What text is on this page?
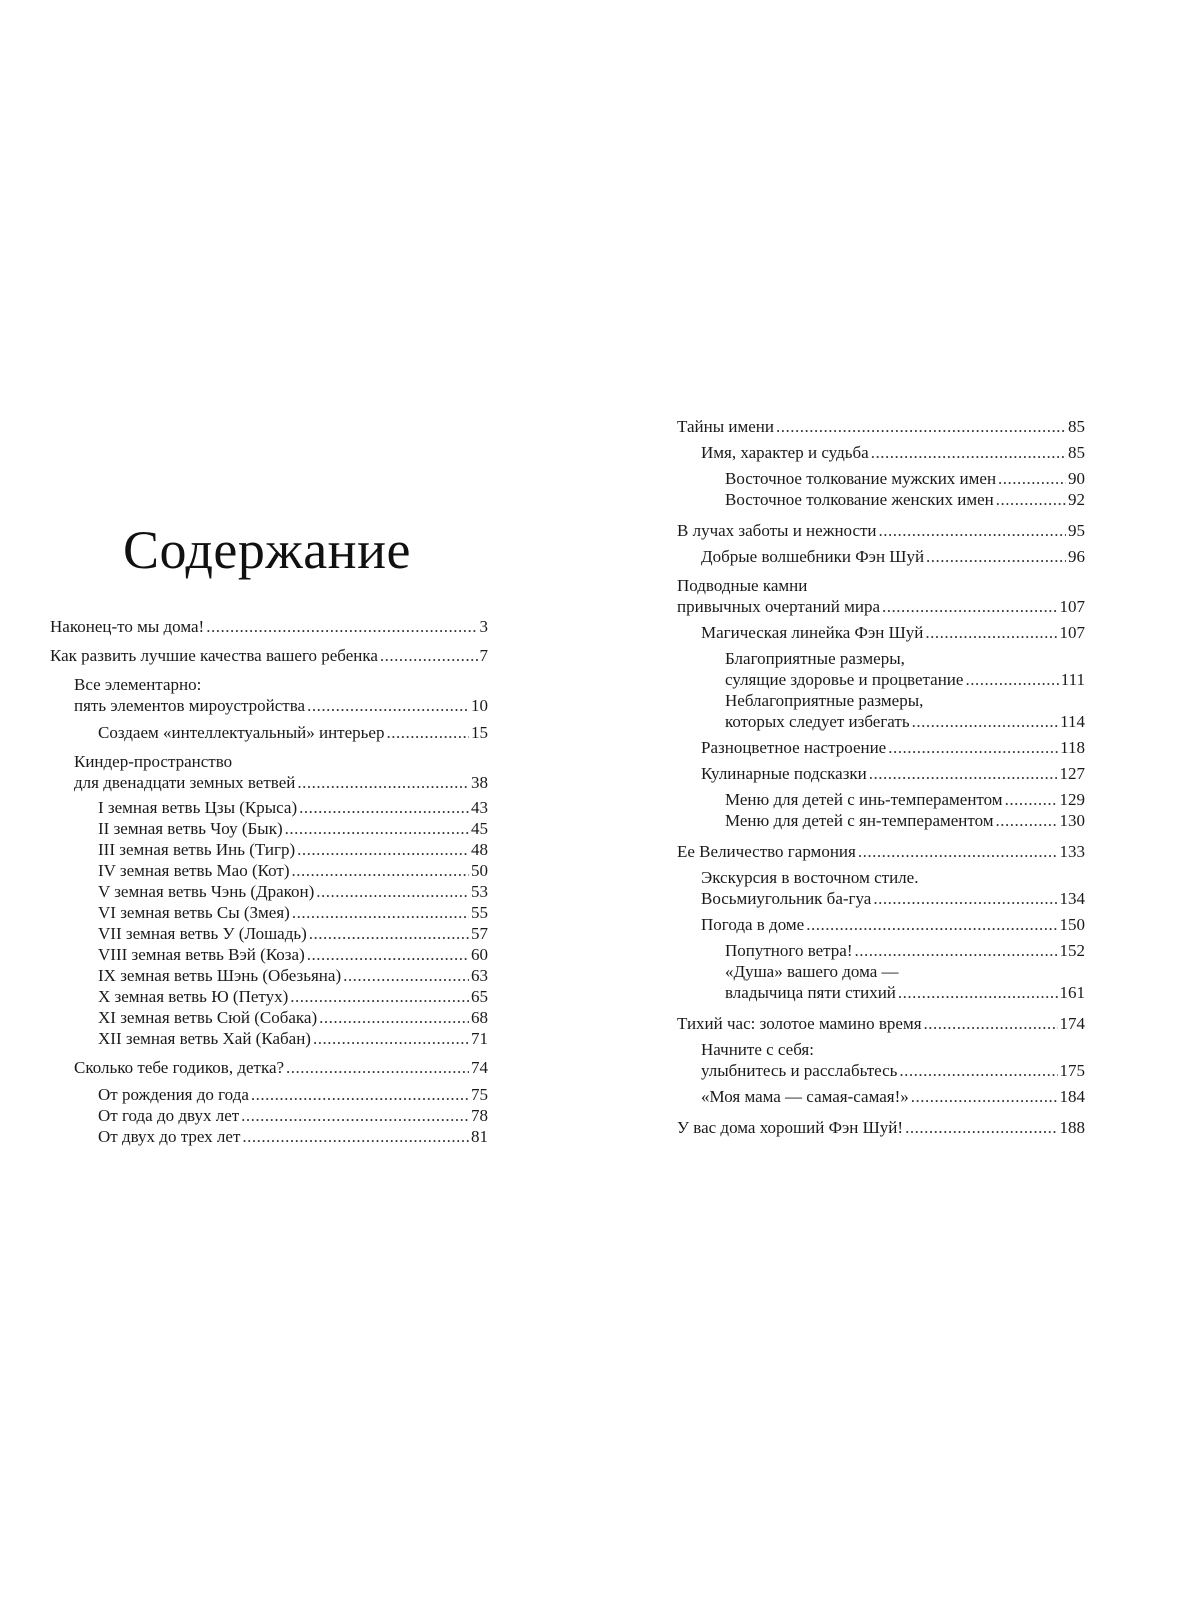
Содержание
Наконец-то мы дома! .....	3
Как развить лучшие качества вашего ребенка .....	7
Все элементарно:
пять элементов мироустройства .....	10
Создаем «интеллектуальный» интерьер .....	15
Киндер-пространство
для двенадцати земных ветвей .....	38
I земная ветвь Цзы (Крыса) .....	43
II земная ветвь Чоу (Бык) .....	45
III земная ветвь Инь (Тигр) .....	48
IV земная ветвь Мао (Кот) .....	50
V земная ветвь Чэнь (Дракон) .....	53
VI земная ветвь Сы (Змея) .....	55
VII земная ветвь У (Лошадь) .....	57
VIII земная ветвь Вэй (Коза) .....	60
IX земная ветвь Шэнь (Обезьяна) .....	63
X земная ветвь Ю (Петух) .....	65
XI земная ветвь Сюй (Собака) .....	68
XII земная ветвь Хай (Кабан) .....	71
Сколько тебе годиков, детка? .....	74
От рождения до года .....	75
От года до двух лет .....	78
От двух до трех лет .....	81
Тайны имени .....	85
Имя, характер и судьба .....	85
Восточное толкование мужских имен .....	90
Восточное толкование женских имен .....	92
В лучах заботы и нежности .....	95
Добрые волшебники Фэн Шуй .....	96
Подводные камни
привычных очертаний мира .....	107
Магическая линейка Фэн Шуй .....	107
Благоприятные размеры,
сулящие здоровье и процветание .....	111
Неблагоприятные размеры,
которых следует избегать .....	114
Разноцветное настроение .....	118
Кулинарные подсказки .....	127
Меню для детей с инь-темпераментом .....	129
Меню для детей с ян-темпераментом .....	130
Ее Величество гармония .....	133
Экскурсия в восточном стиле.
Восьмиугольник ба-гуа .....	134
Погода в доме .....	150
Попутного ветра! .....	152
«Душа» вашего дома —
владычица пяти стихий .....	161
Тихий час: золотое мамино время .....	174
Начните с себя:
улыбнитесь и расслабьтесь .....	175
«Моя мама — самая-самая!» .....	184
У вас дома хороший Фэн Шуй! .....	188
